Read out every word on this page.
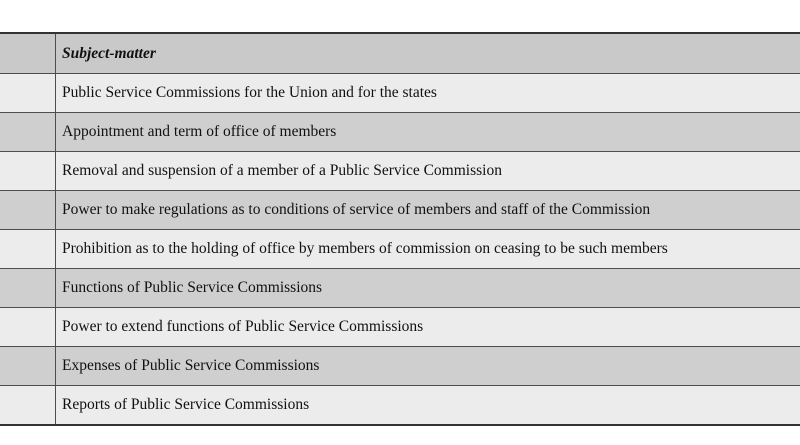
	Subject-matter
	Public Service Commissions for the Union and for the states
	Appointment and term of office of members
	Removal and suspension of a member of a Public Service Commission
	Power to make regulations as to conditions of service of members and staff of the Commission
	Prohibition as to the holding of office by members of commission on ceasing to be such members
	Functions of Public Service Commissions
	Power to extend functions of Public Service Commissions
	Expenses of Public Service Commissions
	Reports of Public Service Commissions
